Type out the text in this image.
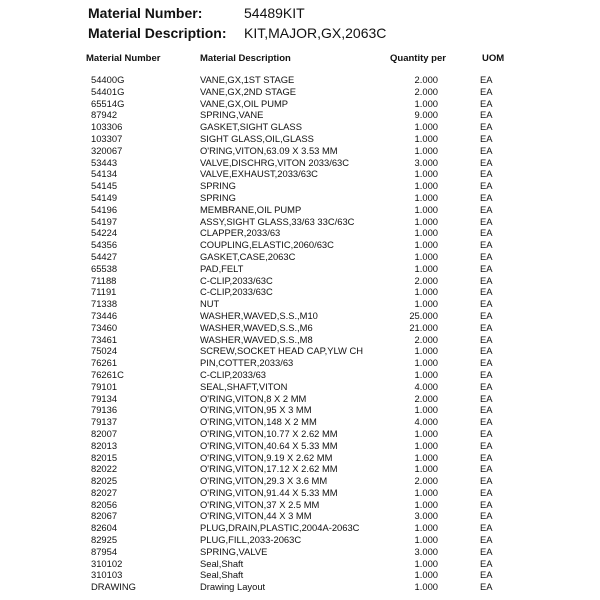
Material Number:	54489KIT
Material Description: KIT,MAJOR,GX,2063C
Material Number	Material Description	Quantity per	UOM
54400G	VANE,GX,1ST STAGE	2.000	EA
54401G	VANE,GX,2ND STAGE	2.000	EA
65514G	VANE,GX,OIL PUMP	1.000	EA
87942	SPRING,VANE	9.000	EA
103306	GASKET,SIGHT GLASS	1.000	EA
103307	SIGHT GLASS,OIL,GLASS	1.000	EA
320067	O'RING,VITON,63.09 X 3.53 MM	1.000	EA
53443	VALVE,DISCHRG,VITON 2033/63C	3.000	EA
54134	VALVE,EXHAUST,2033/63C	1.000	EA
54145	SPRING	1.000	EA
54149	SPRING	1.000	EA
54196	MEMBRANE,OIL PUMP	1.000	EA
54197	ASSY,SIGHT GLASS,33/63 33C/63C	1.000	EA
54224	CLAPPER,2033/63	1.000	EA
54356	COUPLING,ELASTIC,2060/63C	1.000	EA
54427	GASKET,CASE,2063C	1.000	EA
65538	PAD,FELT	1.000	EA
71188	C-CLIP,2033/63C	2.000	EA
71191	C-CLIP,2033/63C	1.000	EA
71338	NUT	1.000	EA
73446	WASHER,WAVED,S.S.,M10	25.000	EA
73460	WASHER,WAVED,S.S.,M6	21.000	EA
73461	WASHER,WAVED,S.S.,M8	2.000	EA
75024	SCREW,SOCKET HEAD CAP,YLW CH	1.000	EA
76261	PIN,COTTER,2033/63	1.000	EA
76261C	C-CLIP,2033/63	1.000	EA
79101	SEAL,SHAFT,VITON	4.000	EA
79134	O'RING,VITON,8 X 2 MM	2.000	EA
79136	O'RING,VITON,95 X 3 MM	1.000	EA
79137	O'RING,VITON,148 X 2 MM	4.000	EA
82007	O'RING,VITON,10.77 X 2.62 MM	1.000	EA
82013	O'RING,VITON,40.64 X 5.33 MM	1.000	EA
82015	O'RING,VITON,9.19 X 2.62 MM	1.000	EA
82022	O'RING,VITON,17.12 X 2.62 MM	1.000	EA
82025	O'RING,VITON,29.3 X 3.6 MM	2.000	EA
82027	O'RING,VITON,91.44 X 5.33 MM	1.000	EA
82056	O'RING,VITON,37 X 2.5 MM	1.000	EA
82067	O'RING,VITON,44 X 3 MM	3.000	EA
82604	PLUG,DRAIN,PLASTIC,2004A-2063C	1.000	EA
82925	PLUG,FILL,2033-2063C	1.000	EA
87954	SPRING,VALVE	3.000	EA
310102	Seal,Shaft	1.000	EA
310103	Seal,Shaft	1.000	EA
DRAWING	Drawing Layout	1.000	EA
